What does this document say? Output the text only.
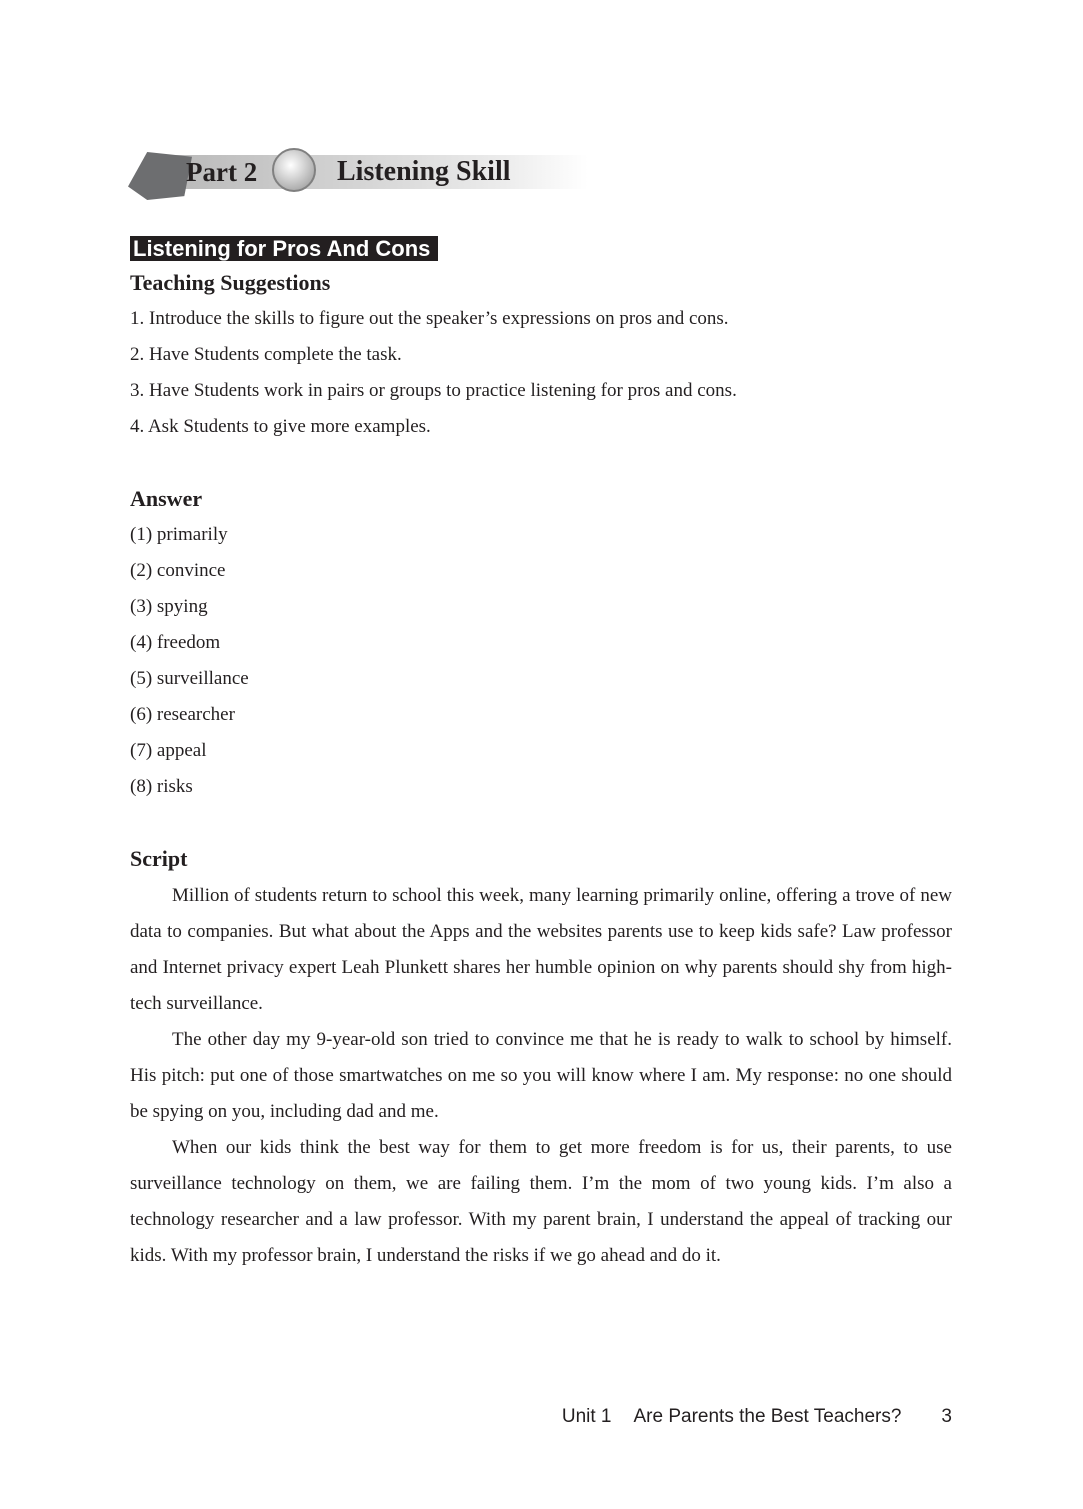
Part 2	Listening Skill
Listening for Pros And Cons
Teaching Suggestions
1. Introduce the skills to figure out the speaker’s expressions on pros and cons.
2. Have Students complete the task.
3. Have Students work in pairs or groups to practice listening for pros and cons.
4. Ask Students to give more examples.
Answer
(1) primarily
(2) convince
(3) spying
(4) freedom
(5) surveillance
(6) researcher
(7) appeal
(8) risks
Script

Million of students return to school this week, many learning primarily online, offering a trove of new data to companies. But what about the Apps and the websites parents use to keep kids safe? Law professor and Internet privacy expert Leah Plunkett shares her humble opinion on why parents should shy from high-tech surveillance.

The other day my 9-year-old son tried to convince me that he is ready to walk to school by himself. His pitch: put one of those smartwatches on me so you will know where I am. My response: no one should be spying on you, including dad and me.

When our kids think the best way for them to get more freedom is for us, their parents, to use surveillance technology on them, we are failing them. I’m the mom of two young kids. I’m also a technology researcher and a law professor. With my parent brain, I understand the appeal of tracking our kids. With my professor brain, I understand the risks if we go ahead and do it.

Unit 1 Are Parents the Best Teachers? 3
